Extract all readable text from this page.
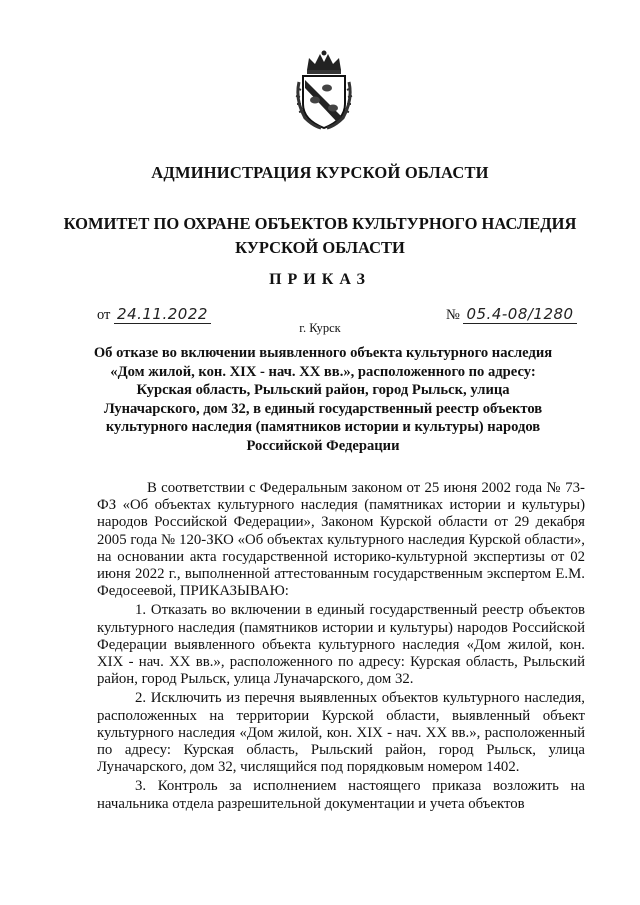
АДМИНИСТРАЦИЯ КУРСКОЙ ОБЛАСТИ
КОМИТЕТ ПО ОХРАНЕ ОБЪЕКТОВ КУЛЬТУРНОГО НАСЛЕДИЯ КУРСКОЙ ОБЛАСТИ
ПРИКАЗ
от 24.11.2022	№ 05.4-08/1280
г. Курск
Об отказе во включении выявленного объекта культурного наследия «Дом жилой, кон. XIX - нач. XX вв.», расположенного по адресу: Курская область, Рыльский район, город Рыльск, улица Луначарского, дом 32, в единый государственный реестр объектов культурного наследия (памятников истории и культуры) народов Российской Федерации

В соответствии с Федеральным законом от 25 июня 2002 года № 73-ФЗ «Об объектах культурного наследия (памятниках истории и культуры) народов Российской Федерации», Законом Курской области от 29 декабря 2005 года № 120-ЗКО «Об объектах культурного наследия Курской области», на основании акта государственной историко-культурной экспертизы от 02 июня 2022 г., выполненной аттестованным государственным экспертом Е.М. Федосеевой, ПРИКАЗЫВАЮ:

1. Отказать во включении в единый государственный реестр объектов культурного наследия (памятников истории и культуры) народов Российской Федерации выявленного объекта культурного наследия «Дом жилой, кон. XIX - нач. XX вв.», расположенного по адресу: Курская область, Рыльский район, город Рыльск, улица Луначарского, дом 32.

2. Исключить из перечня выявленных объектов культурного наследия, расположенных на территории Курской области, выявленный объект культурного наследия «Дом жилой, кон. XIX - нач. XX вв.», расположенный по адресу: Курская область, Рыльский район, город Рыльск, улица Луначарского, дом 32, числящийся под порядковым номером 1402.

3. Контроль за исполнением настоящего приказа возложить на начальника отдела разрешительной документации и учета объектов
